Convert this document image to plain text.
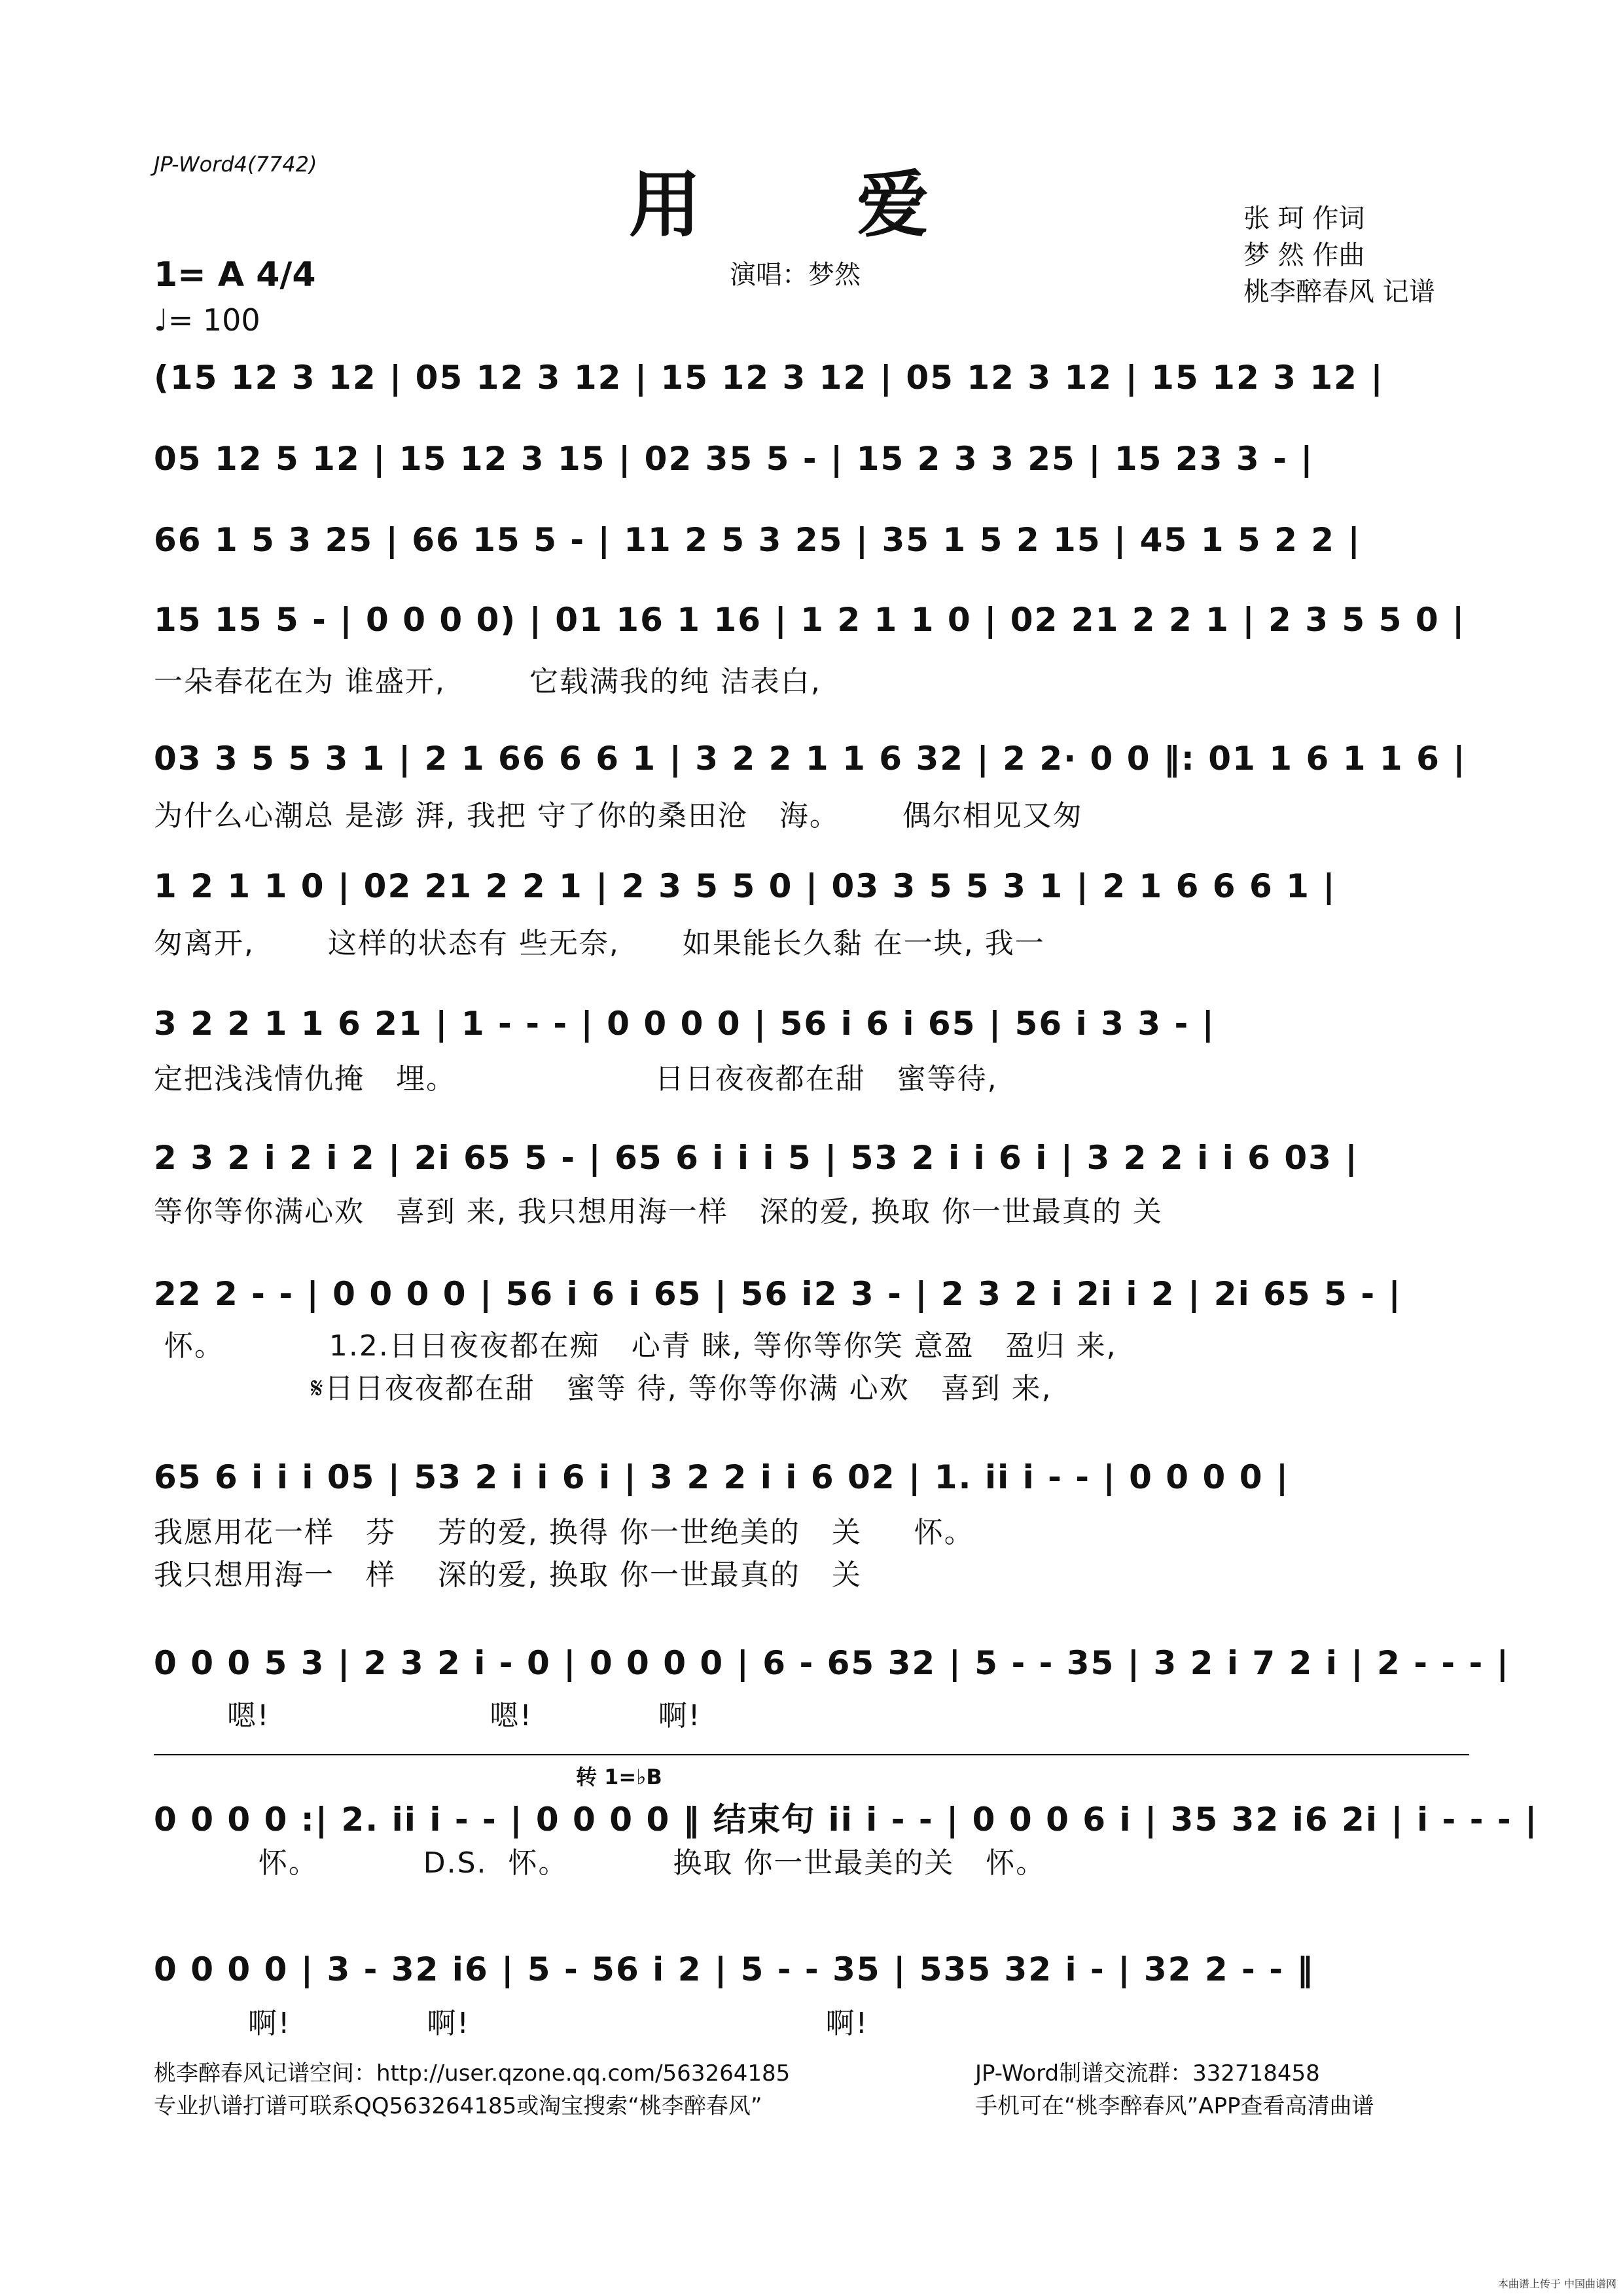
JP-Word4(7742)	用 爱
演唱：梦然
张 珂 作词
梦 然 作曲
桃李醉春风 记谱
1= A 4/4
♩= 100
(15 12 3 12 | 05 12 3 12 | 15 12 3 12 | 05 12 3 12 | 15 12 3 12 |
05 12 5 12 | 15 12 3 15 | 02 35 5 - | 15 2 3 3 25 | 15 23 3 - |
66 1 5 3 25 | 66 15 5 - | 11 2 5 3 25 | 35 1 5 2 15 | 45 1 5 2 2 |
15 15 5 - | 0 0 0 0) | 01 16 1 16 | 1 2 1 1 0 | 02 21 2 2 1 | 2 3 5 5 0 |
一朵春花在为 谁盛开,        它载满我的纯 洁表白,
03 3 5 5 3 1 | 2 1 66 6 6 1 | 3 2 2 1 1 6 32 | 2 2· 0 0 ‖: 01 1 6 1 1 6 |
为什么心潮总 是澎 湃, 我把 守了你的桑田沧   海。      偶尔相见又匆
1 2 1 1 0 | 02 21 2 2 1 | 2 3 5 5 0 | 03 3 5 5 3 1 | 2 1 6 6 6 1 |
匆离开,       这样的状态有 些无奈,      如果能长久黏 在一块, 我一
3 2 2 1 1 6 21 | 1 - - - | 0 0 0 0 | 56 i 6 i 65 | 56 i 3 3 - |
定把浅浅情仇掩   埋。                   日日夜夜都在甜   蜜等待,
2 3 2 i 2 i 2 | 2i 65 5 - | 65 6 i i i 5 | 53 2 i i 6 i | 3 2 2 i i 6 03 |
等你等你满心欢   喜到 来, 我只想用海一样   深的爱, 换取 你一世最真的 关
22 2 - - | 0 0 0 0 | 56 i 6 i 65 | 56 i2 3 - | 2 3 2 i 2i i 2 | 2i 65 5 - |
怀。          1.2.日日夜夜都在痴   心青 睐, 等你等你笑 意盈   盈归 来,
𝄋日日夜夜都在甜   蜜等 待, 等你等你满 心欢   喜到 来,
65 6 i i i 05 | 53 2 i i 6 i | 3 2 2 i i 6 02 | 1. ii i - - | 0 0 0 0 |
我愿用花一样   芬    芳的爱, 换得 你一世绝美的   关     怀。
我只想用海一   样    深的爱, 换取 你一世最真的   关
0 0 0 5 3 | 2 3 2 i - 0 | 0 0 0 0 | 6 - 65 32 | 5 - - 35 | 3 2 i 7 2 i | 2 - - - |
嗯!                     嗯!            啊!
转 1=♭B
0 0 0 0 :| 2. ii i - - | 0 0 0 0 ‖ 结束句 ii i - - | 0 0 0 6 i | 35 32 i6 2i | i - - - |
怀。          D.S.  怀。          换取 你一世最美的关   怀。
0 0 0 0 | 3 - 32 i6 | 5 - 56 i 2 | 5 - - 35 | 535 32 i - | 32 2 - - ‖
啊!             啊!                                  啊!
桃李醉春风记谱空间：http://user.qzone.qq.com/563264185	JP-Word制谱交流群：332718458
专业扒谱打谱可联系QQ563264185或淘宝搜索“桃李醉春风”	手机可在“桃李醉春风”APP查看高清曲谱
本曲谱上传于 中国曲谱网
